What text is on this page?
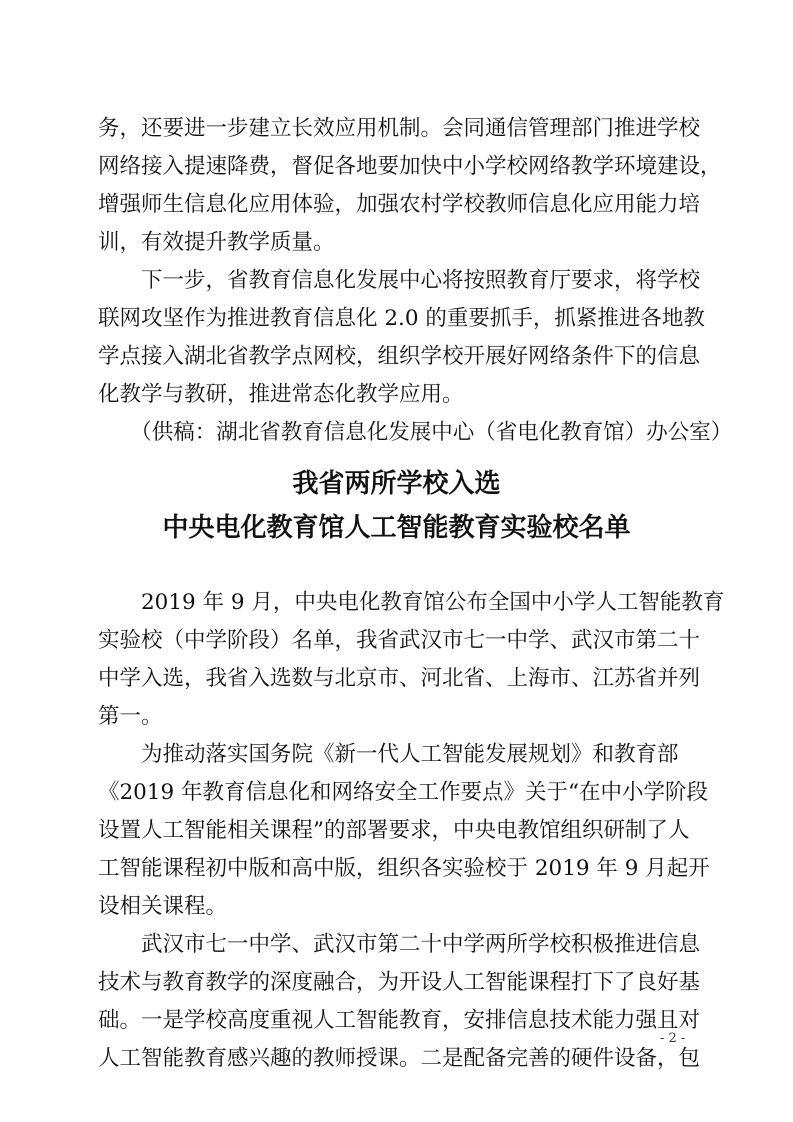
务，还要进一步建立长效应用机制。会同通信管理部门推进学校
网络接入提速降费，督促各地要加快中小学校网络教学环境建设，
增强师生信息化应用体验，加强农村学校教师信息化应用能力培
训，有效提升教学质量。
　　下一步，省教育信息化发展中心将按照教育厅要求，将学校
联网攻坚作为推进教育信息化 2.0 的重要抓手，抓紧推进各地教
学点接入湖北省教学点网校，组织学校开展好网络条件下的信息
化教学与教研，推进常态化教学应用。
　　（供稿：湖北省教育信息化发展中心（省电化教育馆）办公室）
我省两所学校入选
中央电化教育馆人工智能教育实验校名单
　　2019 年 9 月，中央电化教育馆公布全国中小学人工智能教育
实验校（中学阶段）名单，我省武汉市七一中学、武汉市第二十
中学入选，我省入选数与北京市、河北省、上海市、江苏省并列
第一。
　　为推动落实国务院《新一代人工智能发展规划》和教育部
《2019 年教育信息化和网络安全工作要点》关于“在中小学阶段
设置人工智能相关课程”的部署要求，中央电教馆组织研制了人
工智能课程初中版和高中版，组织各实验校于 2019 年 9 月起开
设相关课程。
　　武汉市七一中学、武汉市第二十中学两所学校积极推进信息
技术与教育教学的深度融合，为开设人工智能课程打下了良好基
础。一是学校高度重视人工智能教育，安排信息技术能力强且对
人工智能教育感兴趣的教师授课。二是配备完善的硬件设备，包
- 2 -
